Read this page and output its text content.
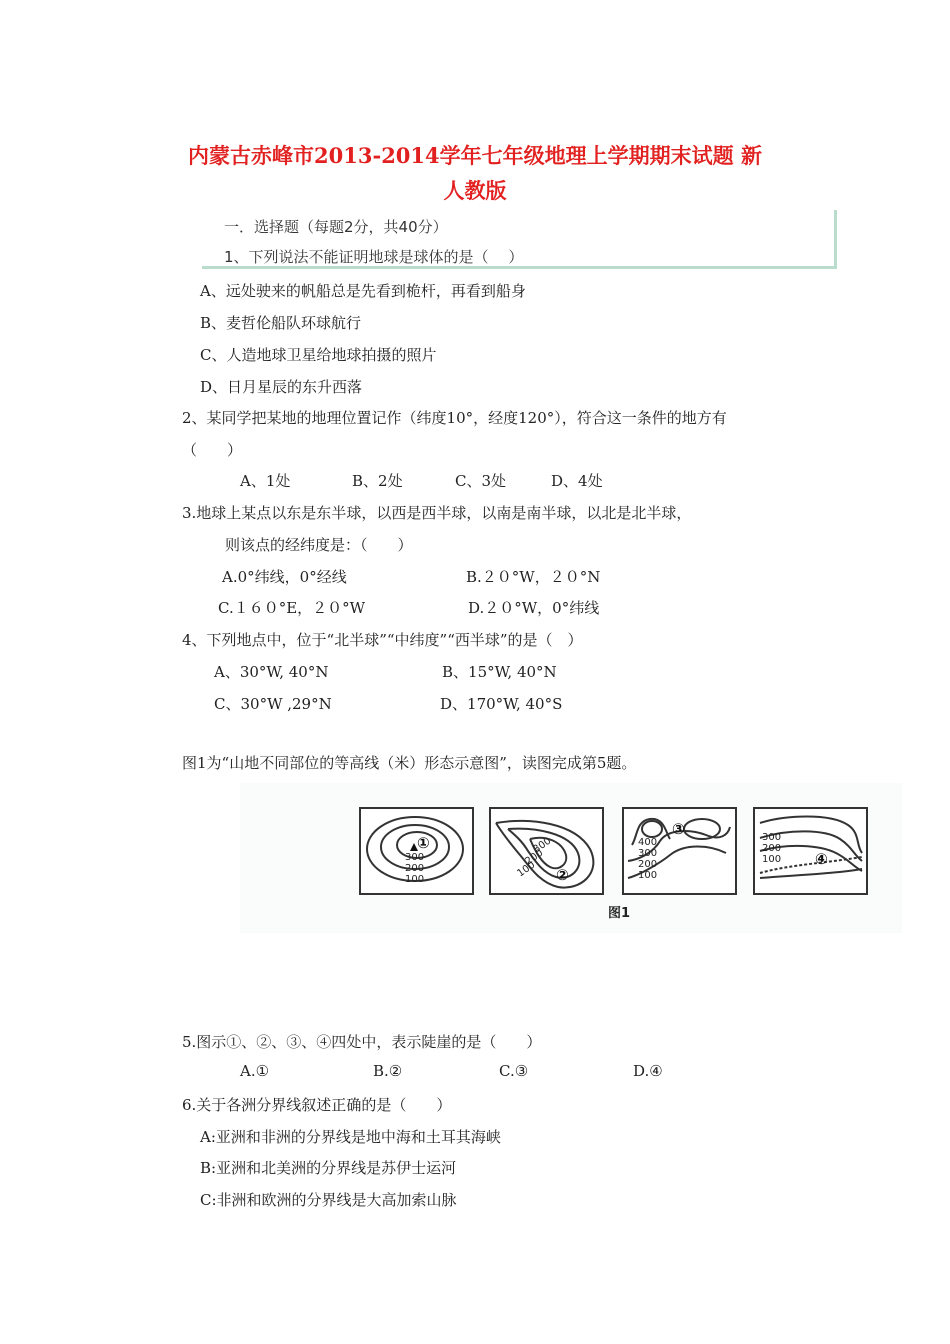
内蒙古赤峰市2013-2014学年七年级地理上学期期末试题 新
人教版
一．选择题（每题2分，共40分）
1、下列说法不能证明地球是球体的是（　 ）
A、远处驶来的帆船总是先看到桅杆，再看到船身
B、麦哲伦船队环球航行
C、人造地球卫星给地球拍摄的照片
D、日月星辰的东升西落
2、某同学把某地的地理位置记作（纬度10°，经度120°），符合这一条件的地方有
（　　）
A、1处	B、2处	C、3处	D、4处
3.地球上某点以东是东半球，以西是西半球，以南是南半球，以北是北半球，
则该点的经纬度是：（　　）
A.0°纬线，0°经线	B.２０°W，２０°N
C.１６０°E，２０°W	D.２０°W，0°纬线
4、下列地点中，位于“北半球”“中纬度”“西半球”的是（　）
A、30°W, 40°N	B、15°W, 40°N
C、30°W ,29°N	D、170°W, 40°S
图1为“山地不同部位的等高线（米）形态示意图”，读图完成第5题。
300
200
100
300
200
100
400
300
200
100
300
200
100
①
②
③
④
图1
5.图示①、②、③、④四处中，表示陡崖的是（　　）
A.①	B.②	C.③	D.④
6.关于各洲分界线叙述正确的是（　　）
A:亚洲和非洲的分界线是地中海和土耳其海峡
B:亚洲和北美洲的分界线是苏伊士运河
C:非洲和欧洲的分界线是大高加索山脉
